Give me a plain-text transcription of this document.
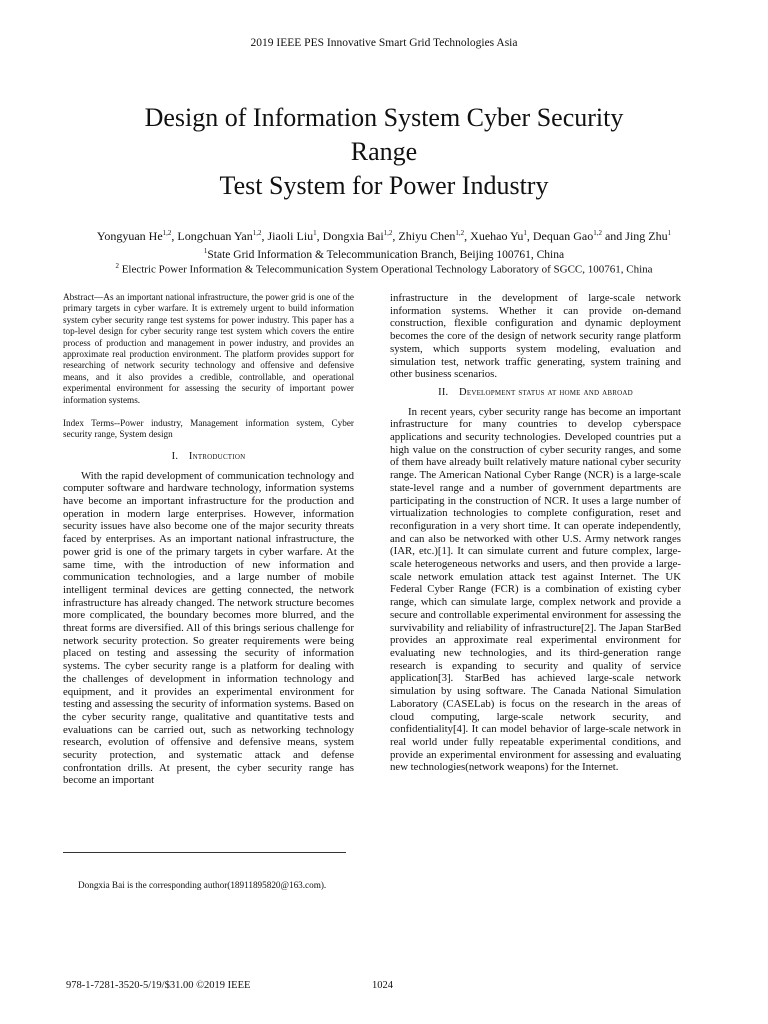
2019 IEEE PES Innovative Smart Grid Technologies Asia
Design of Information System Cyber Security
Range
Test System for Power Industry
Yongyuan He$^{1,2}$, Longchuan Yan$^{1,2}$, Jiaoli Liu$^1$, Dongxia Bai$^{1,2}$, Zhiyu Chen$^{1,2}$, Xuehao Yu$^1$, Dequan Gao$^{1,2}$ and Jing Zhu$^1$
$^1$State Grid Information & Telecommunication Branch, Beijing 100761, China
$^2$ Electric Power Information & Telecommunication System Operational Technology Laboratory of SGCC, 100761, China

Abstract—As an important national infrastructure, the power grid is one of the primary targets in cyber warfare. It is extremely urgent to build information system cyber security range test systems for power industry. This paper has a top-level design for cyber security range test system which covers the entire process of production and management in power industry, and provides an approximate real production environment. The platform provides support for researching of network security technology and offensive and defensive means, and it also provides a credible, controllable, and operational experimental environment for assessing the security of important power information systems.

Index Terms--Power industry, Management information system, Cyber security range, System design

I. Introduction

With the rapid development of communication technology and computer software and hardware technology, information systems have become an important infrastructure for the production and operation in modern large enterprises. However, information security issues have also become one of the major security threats faced by enterprises. As an important national infrastructure, the power grid is one of the primary targets in cyber warfare. At the same time, with the introduction of new information and communication technologies, and a large number of mobile intelligent terminal devices are getting connected, the network infrastructure has already changed. The network structure becomes more complicated, the boundary becomes more blurred, and the threat forms are diversified. All of this brings serious challenge for network security protection. So greater requirements were being placed on testing and assessing the security of information systems. The cyber security range is a platform for dealing with the challenges of development in information technology and equipment, and it provides an experimental environment for testing and assessing the security of information systems. Based on the cyber security range, qualitative and quantitative tests and evaluations can be carried out, such as networking technology research, evolution of offensive and defensive means, system security protection, and systematic attack and defense confrontation drills. At present, the cyber security range has become an important

infrastructure in the development of large-scale network information systems. Whether it can provide on-demand construction, flexible configuration and dynamic deployment becomes the core of the design of network security range platform system, which supports system modeling, evaluation and simulation test, network traffic generating, system training and other business scenarios.

II. Development status at home and abroad

In recent years, cyber security range has become an important infrastructure for many countries to develop cyberspace applications and security technologies. Developed countries put a high value on the construction of cyber security ranges, and some of them have already built relatively mature national cyber security range. The American National Cyber Range (NCR) is a large-scale state-level range and a number of government departments are participating in the construction of NCR. It uses a large number of virtualization technologies to complete configuration, reset and reconfiguration in a very short time. It can operate independently, and can also be networked with other U.S. Army network ranges (IAR, etc.)[1]. It can simulate current and future complex, large-scale heterogeneous networks and users, and then provide a large-scale network emulation attack test against Internet. The UK Federal Cyber Range (FCR) is a combination of existing cyber range, which can simulate large, complex network and provide a secure and controllable experimental environment for assessing the survivability and reliability of infrastructure[2]. The Japan StarBed provides an approximate real experimental environment for evaluating new technologies, and its third-generation range research is expanding to security and quality of service application[3]. StarBed has achieved large-scale network simulation by using software. The Canada National Simulation Laboratory (CASELab) is focus on the research in the areas of cloud computing, large-scale network security, and confidentiality[4]. It can model behavior of large-scale network in real world under fully repeatable experimental conditions, and provide an experimental environment for assessing and evaluating new technologies(network weapons) for the Internet.

Dongxia Bai is the corresponding author(18911895820@163.com).
978-1-7281-3520-5/19/$31.00 ©2019 IEEE	1024
